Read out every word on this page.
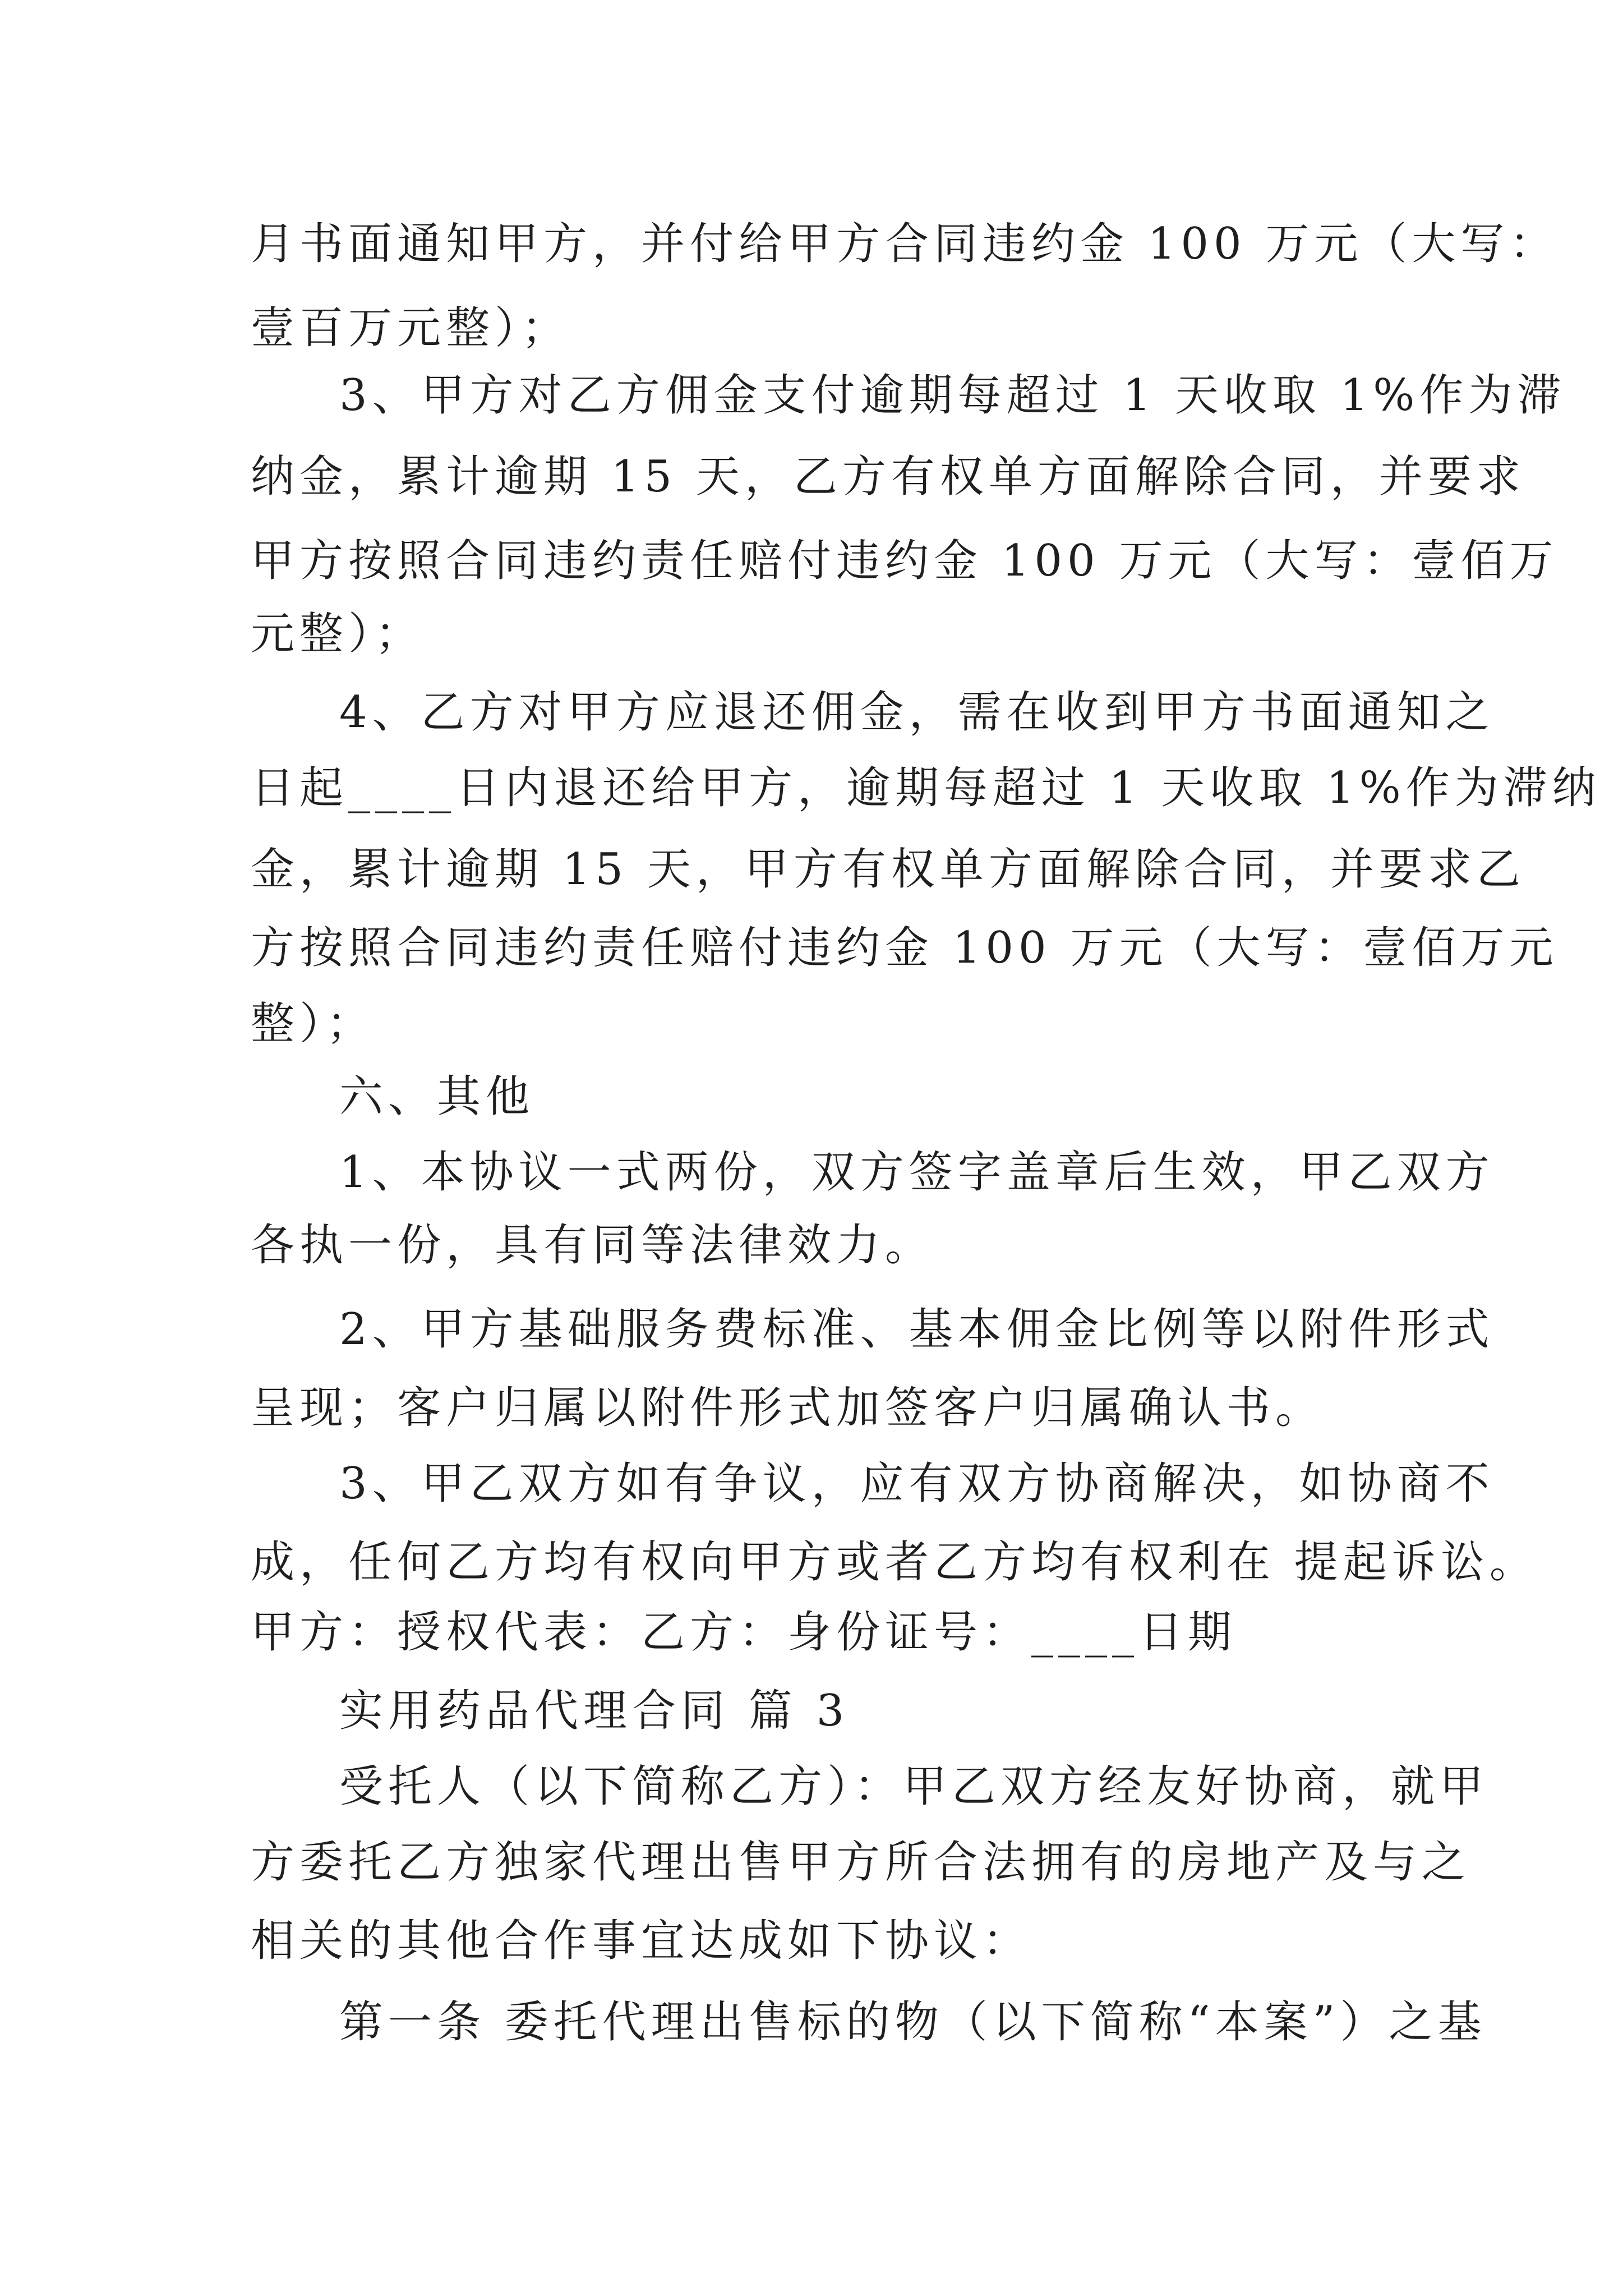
月书面通知甲方，并付给甲方合同违约金 100 万元（大写：
壹百万元整）；
3、甲方对乙方佣金支付逾期每超过 1 天收取 1%作为滞
纳金，累计逾期 15 天，乙方有权单方面解除合同，并要求
甲方按照合同违约责任赔付违约金 100 万元（大写：壹佰万
元整）；
4、乙方对甲方应退还佣金，需在收到甲方书面通知之
日起____日内退还给甲方，逾期每超过 1 天收取 1%作为滞纳
金，累计逾期 15 天，甲方有权单方面解除合同，并要求乙
方按照合同违约责任赔付违约金 100 万元（大写：壹佰万元
整）；
六、其他
1、本协议一式两份，双方签字盖章后生效，甲乙双方
各执一份，具有同等法律效力。
2、甲方基础服务费标准、基本佣金比例等以附件形式
呈现；客户归属以附件形式加签客户归属确认书。
3、甲乙双方如有争议，应有双方协商解决，如协商不
成，任何乙方均有权向甲方或者乙方均有权利在 提起诉讼。
甲方：授权代表：乙方：身份证号：____日期
实用药品代理合同 篇 3
受托人（以下简称乙方）：甲乙双方经友好协商，就甲
方委托乙方独家代理出售甲方所合法拥有的房地产及与之
相关的其他合作事宜达成如下协议：
第一条 委托代理出售标的物（以下简称“本案”）之基
